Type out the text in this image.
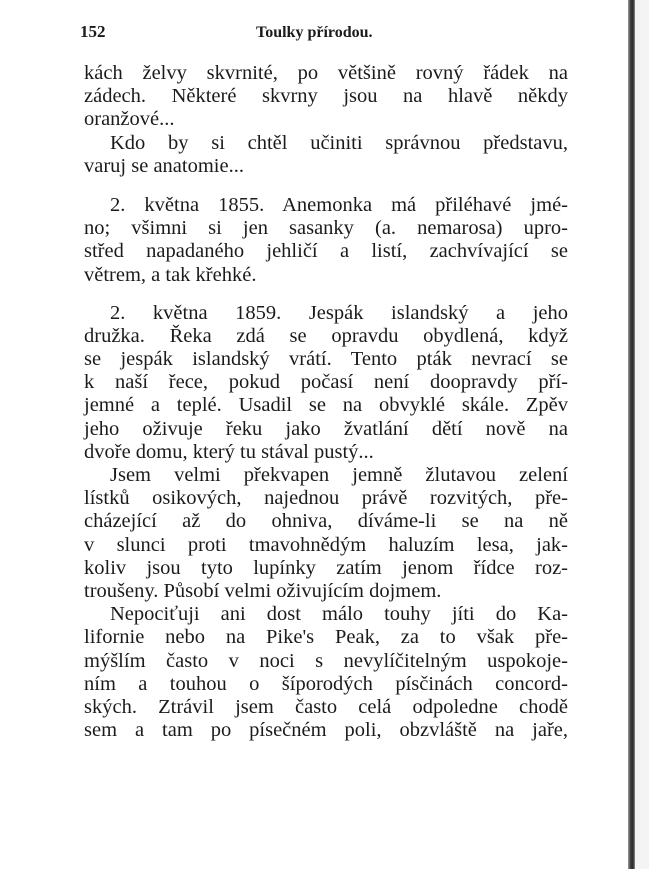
152	Toulky přírodou.
kách želvy skvrnité, po většině rovný řádek na
zádech. Některé skvrny jsou na hlavě někdy
oranžové...
Kdo by si chtěl učiniti správnou představu,
varuj se anatomie...
2. května 1855. Anemonka má přiléhavé jmé-
no; všimni si jen sasanky (a. nemarosa) upro-
střed napadaného jehličí a listí, zachvívající se
větrem, a tak křehké.
2. května 1859. Jespák islandský a jeho
družka. Řeka zdá se opravdu obydlená, když
se jespák islandský vrátí. Tento pták nevrací se
k naší řece, pokud počasí není doopravdy pří-
jemné a teplé. Usadil se na obvyklé skále. Zpěv
jeho oživuje řeku jako žvatlání dětí nově na
dvoře domu, který tu stával pustý...
Jsem velmi překvapen jemně žlutavou zelení
lístků osikových, najednou právě rozvitých, pře-
cházející až do ohniva, díváme-li se na ně
v slunci proti tmavohnědým haluzím lesa, jak-
koliv jsou tyto lupínky zatím jenom řídce roz-
troušeny. Působí velmi oživujícím dojmem.
Nepociťuji ani dost málo touhy jíti do Ka-
lifornie nebo na Pike's Peak, za to však pře-
mýšlím často v noci s nevylíčitelným uspokoje-
ním a touhou o šíporodých písčinách concord-
ských. Ztrávil jsem často celá odpoledne chodě
sem a tam po písečném poli, obzvláště na jaře,
